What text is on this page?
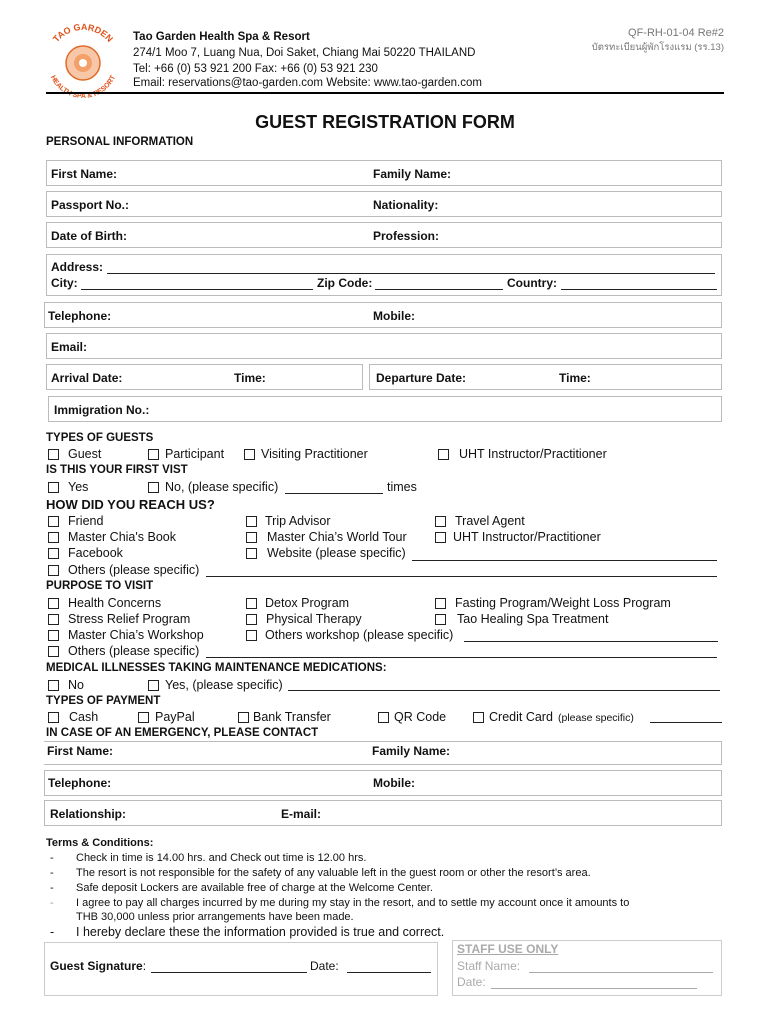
TAO GARDEN
HEALTH SPA & RESORT
Tao Garden Health Spa & Resort
274/1 Moo 7, Luang Nua, Doi Saket, Chiang Mai 50220 THAILAND
Tel: +66 (0) 53 921 200 Fax: +66 (0) 53 921 230
Email: reservations@tao-garden.com Website: www.tao-garden.com
QF-RH-01-04 Re#2
บัตรทะเบียนผู้พักโรงแรม (รร.13)
GUEST REGISTRATION FORM
PERSONAL INFORMATION
First Name:	Family Name:
Passport No.:	Nationality:
Date of Birth:	Profession:
Address:
City:	Zip Code:	Country:
Telephone:	Mobile:
Email:
Arrival Date:	Time:	Departure Date:	Time:
Immigration No.:
TYPES OF GUESTS
Guest	Participant	Visiting Practitioner	UHT Instructor/Practitioner
IS THIS YOUR FIRST VIST
Yes	No, (please specific)	times
HOW DID YOU REACH US?
Friend	Trip Advisor	Travel Agent
Master Chia's Book	Master Chia’s World Tour	UHT Instructor/Practitioner
Facebook	Website (please specific)
Others (please specific)
PURPOSE TO VISIT
Health Concerns	Detox Program	Fasting Program/Weight Loss Program
Stress Relief Program	Physical Therapy	Tao Healing Spa Treatment
Master Chia’s Workshop	Others workshop (please specific)
Others (please specific)
MEDICAL ILLNESSES TAKING MAINTENANCE MEDICATIONS:
No	Yes, (please specific)
TYPES OF PAYMENT
Cash	PayPal	Bank Transfer	QR Code	Credit Card (please specific)
IN CASE OF AN EMERGENCY, PLEASE CONTACT
First Name:	Family Name:
Telephone:	Mobile:
Relationship:	E-mail:
Terms & Conditions:
- Check in time is 14.00 hrs. and Check out time is 12.00 hrs.
- The resort is not responsible for the safety of any valuable left in the guest room or other the resort’s area.
- Safe deposit Lockers are available free of charge at the Welcome Center.
- I agree to pay all charges incurred by me during my stay in the resort, and to settle my account once it amounts to
THB 30,000 unless prior arrangements have been made.
- I hereby declare these the information provided is true and correct.
Guest Signature:	Date:
STAFF USE ONLY
Staff Name:
Date:
